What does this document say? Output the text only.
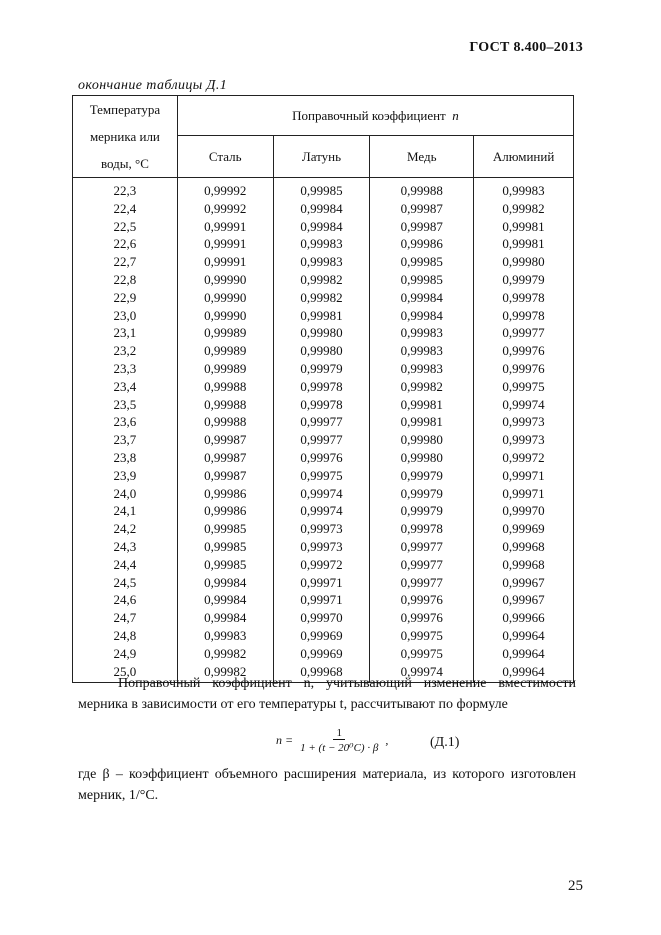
ГОСТ 8.400–2013
окончание таблицы Д.1
Температура мерника или воды, °С	Поправочный коэффициент n			
	Сталь	Латунь	Медь	Алюминий
22,3	0,99992	0,99985	0,99988	0,99983
22,4	0,99992	0,99984	0,99987	0,99982
22,5	0,99991	0,99984	0,99987	0,99981
22,6	0,99991	0,99983	0,99986	0,99981
22,7	0,99991	0,99983	0,99985	0,99980
22,8	0,99990	0,99982	0,99985	0,99979
22,9	0,99990	0,99982	0,99984	0,99978
23,0	0,99990	0,99981	0,99984	0,99978
23,1	0,99989	0,99980	0,99983	0,99977
23,2	0,99989	0,99980	0,99983	0,99976
23,3	0,99989	0,99979	0,99983	0,99976
23,4	0,99988	0,99978	0,99982	0,99975
23,5	0,99988	0,99978	0,99981	0,99974
23,6	0,99988	0,99977	0,99981	0,99973
23,7	0,99987	0,99977	0,99980	0,99973
23,8	0,99987	0,99976	0,99980	0,99972
23,9	0,99987	0,99975	0,99979	0,99971
24,0	0,99986	0,99974	0,99979	0,99971
24,1	0,99986	0,99974	0,99979	0,99970
24,2	0,99985	0,99973	0,99978	0,99969
24,3	0,99985	0,99973	0,99977	0,99968
24,4	0,99985	0,99972	0,99977	0,99968
24,5	0,99984	0,99971	0,99977	0,99967
24,6	0,99984	0,99971	0,99976	0,99967
24,7	0,99984	0,99970	0,99976	0,99966
24,8	0,99983	0,99969	0,99975	0,99964
24,9	0,99982	0,99969	0,99975	0,99964
25,0	0,99982	0,99968	0,99974	0,99964
Поправочный коэффициент n, учитывающий изменение вместимости мерника в зависимости от его температуры t, рассчитывают по формуле
$n = \frac{1}{\text{1 + (t − 20⁰C) · β}}$ ,	(Д.1)
где β – коэффициент объемного расширения материала, из которого изготовлен мерник, 1/°С.
25
